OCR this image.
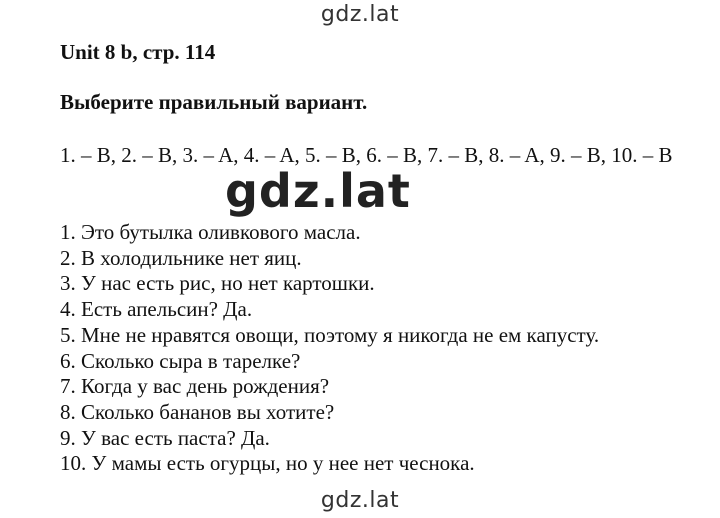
gdz.lat
Unit 8 b, стр. 114
Выберите правильный вариант.
1. – B, 2. – B, 3. – A, 4. – A, 5. – B, 6. – B, 7. – B, 8. – A, 9. – B, 10. – B
1. Это бутылка оливкового масла.
2. В холодильнике нет яиц.
3. У нас есть рис, но нет картошки.
4. Есть апельсин? Да.
5. Мне не нравятся овощи, поэтому я никогда не ем капусту.
6. Сколько сыра в тарелке?
7. Когда у вас день рождения?
8. Сколько бананов вы хотите?
9. У вас есть паста? Да.
10. У мамы есть огурцы, но у нее нет чеснока.
gdz.lat
gdz.lat
